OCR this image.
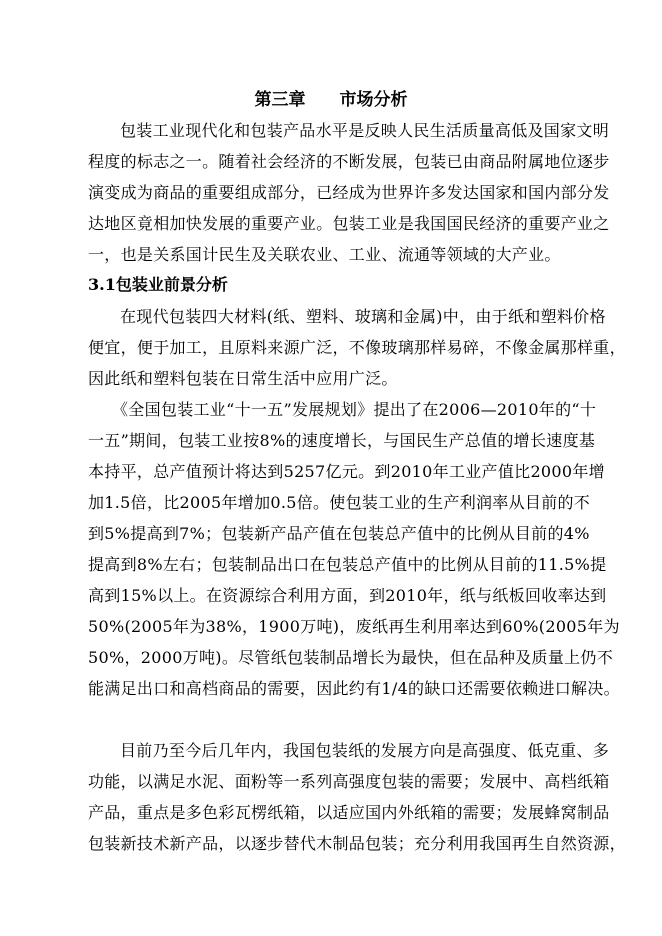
第三章　　市场分析
包装工业现代化和包装产品水平是反映人民生活质量高低及国家文明
程度的标志之一。随着社会经济的不断发展，包装已由商品附属地位逐步
演变成为商品的重要组成部分，已经成为世界许多发达国家和国内部分发
达地区竟相加快发展的重要产业。包装工业是我国国民经济的重要产业之
一，也是关系国计民生及关联农业、工业、流通等领域的大产业。
3.1包装业前景分析
在现代包装四大材料(纸、塑料、玻璃和金属)中，由于纸和塑料价格
便宜，便于加工，且原料来源广泛，不像玻璃那样易碎，不像金属那样重，
因此纸和塑料包装在日常生活中应用广泛。
《全国包装工业“十一五”发展规划》提出了在2006—2010年的“十
一五”期间，包装工业按8%的速度增长，与国民生产总值的增长速度基
本持平，总产值预计将达到5257亿元。到2010年工业产值比2000年增
加1.5倍，比2005年增加0.5倍。使包装工业的生产利润率从目前的不
到5%提高到7%；包装新产品产值在包装总产值中的比例从目前的4%
提高到8%左右；包装制品出口在包装总产值中的比例从目前的11.5%提
高到15%以上。在资源综合利用方面，到2010年，纸与纸板回收率达到
50%(2005年为38%，1900万吨)，废纸再生利用率达到60%(2005年为
50%，2000万吨)。尽管纸包装制品增长为最快，但在品种及质量上仍不
能满足出口和高档商品的需要，因此约有1/4的缺口还需要依赖进口解决。
目前乃至今后几年内，我国包装纸的发展方向是高强度、低克重、多
功能，以满足水泥、面粉等一系列高强度包装的需要；发展中、高档纸箱
产品，重点是多色彩瓦楞纸箱，以适应国内外纸箱的需要；发展蜂窝制品
包装新技术新产品，以逐步替代木制品包装；充分利用我国再生自然资源，
